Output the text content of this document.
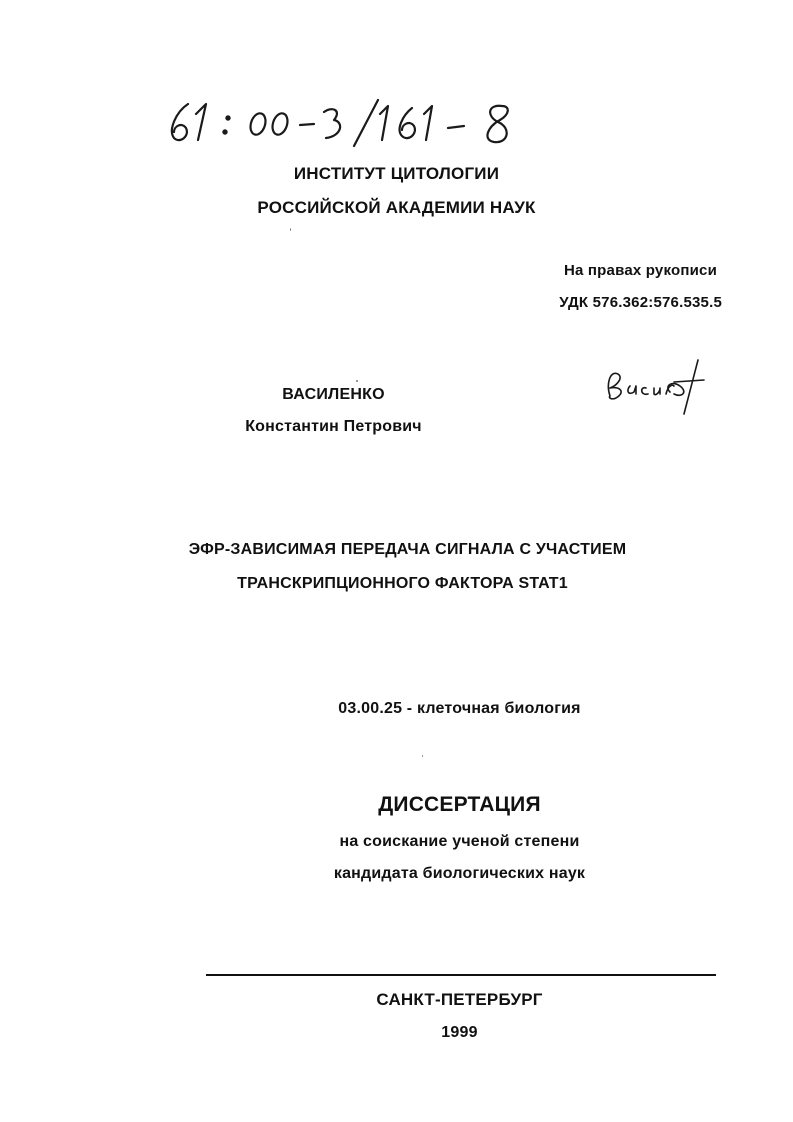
ИНСТИТУТ ЦИТОЛОГИИ
РОССИЙСКОЙ АКАДЕМИИ НАУК
На правах рукописи
УДК 576.362:576.535.5
ВАСИЛЕНКО
Константин Петрович
ЭФР-ЗАВИСИМАЯ ПЕРЕДАЧА СИГНАЛА С УЧАСТИЕМ
ТРАНСКРИПЦИОННОГО ФАКТОРА STAT1
03.00.25 - клеточная биология
ДИССЕРТАЦИЯ
на соискание ученой степени
кандидата биологических наук
САНКТ-ПЕТЕРБУРГ
1999
